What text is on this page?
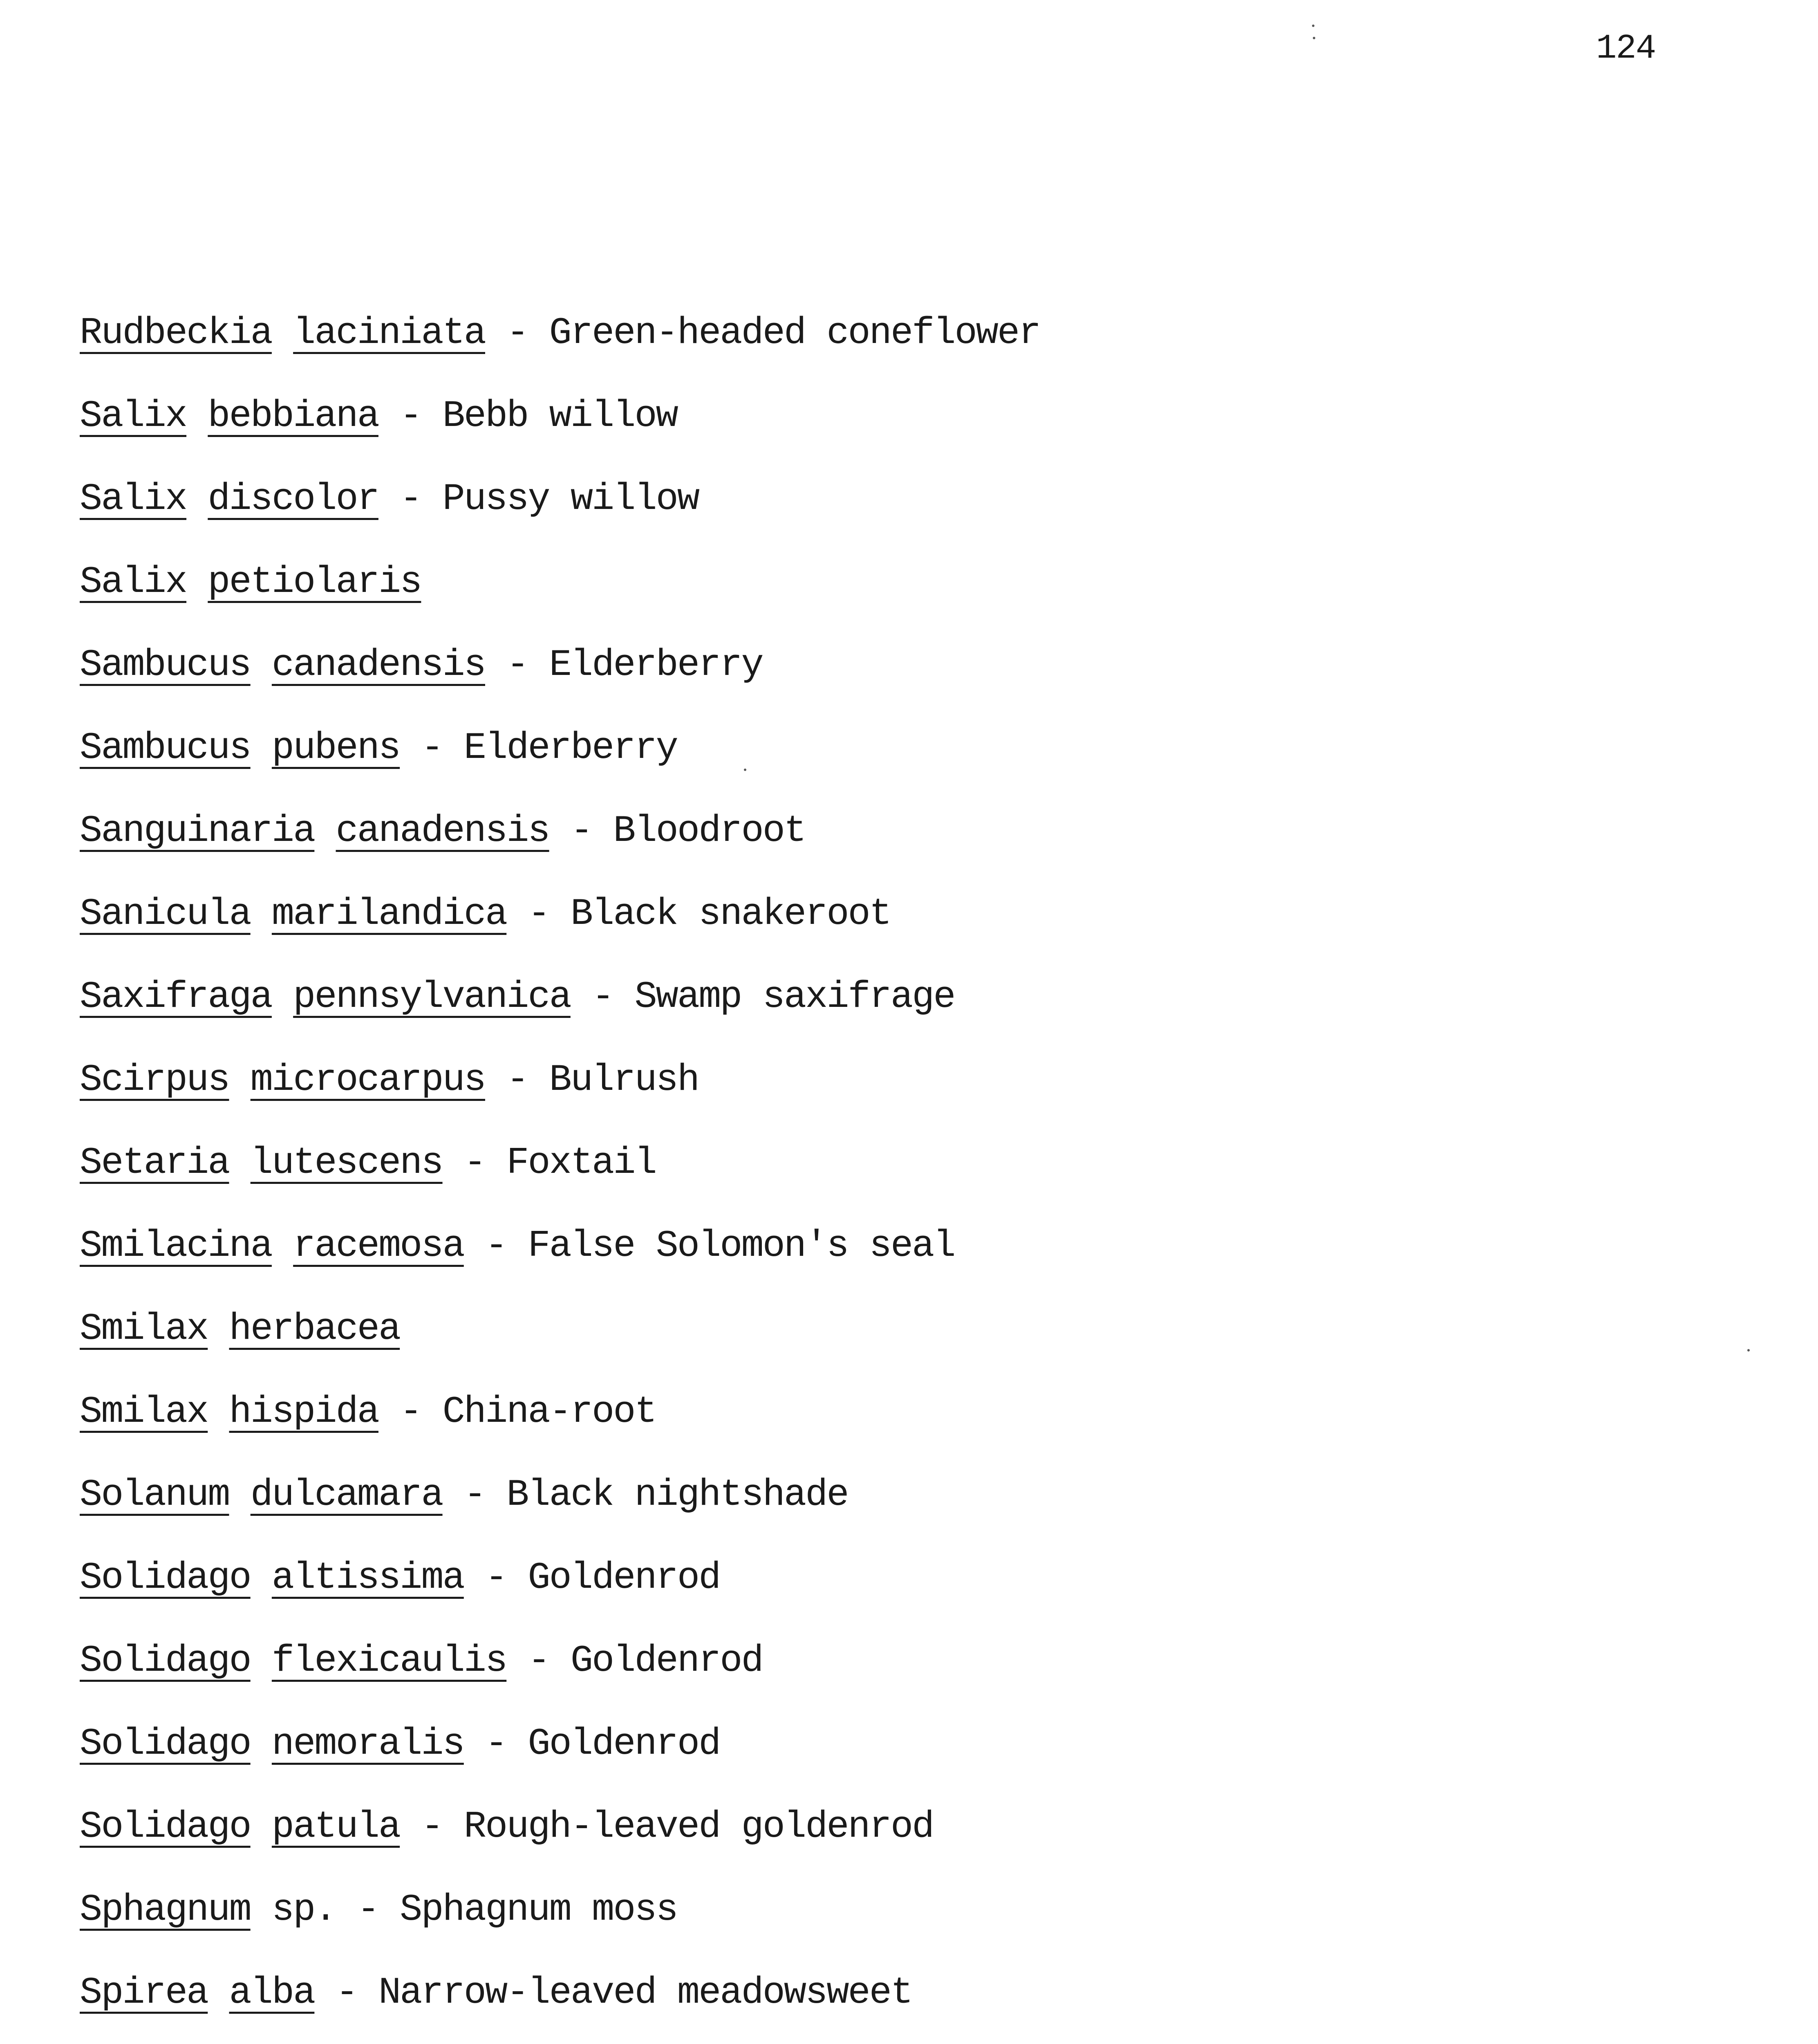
124
Rudbeckia laciniata - Green-headed coneflower
Salix bebbiana - Bebb willow
Salix discolor - Pussy willow
Salix petiolaris
Sambucus canadensis - Elderberry
Sambucus pubens - Elderberry
Sanguinaria canadensis - Bloodroot
Sanicula marilandica - Black snakeroot
Saxifraga pennsylvanica - Swamp saxifrage
Scirpus microcarpus - Bulrush
Setaria lutescens - Foxtail
Smilacina racemosa - False Solomon's seal
Smilax herbacea
Smilax hispida - China-root
Solanum dulcamara - Black nightshade
Solidago altissima - Goldenrod
Solidago flexicaulis - Goldenrod
Solidago nemoralis - Goldenrod
Solidago patula - Rough-leaved goldenrod
Sphagnum sp. - Sphagnum moss
Spirea alba - Narrow-leaved meadowsweet
